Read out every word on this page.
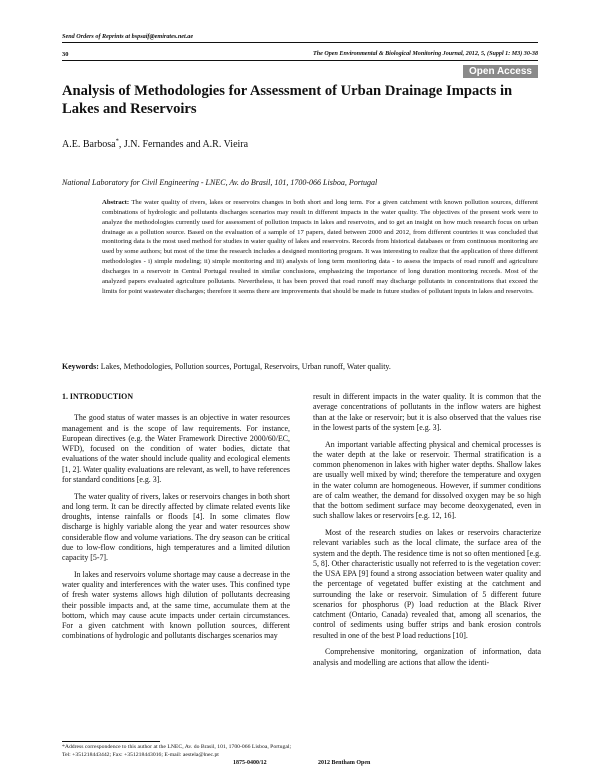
Send Orders of Reprints at bspsaif@emirates.net.ae
30	The Open Environmental & Biological Monitoring Journal, 2012, 5, (Suppl 1: M3) 30-38
Open Access
Analysis of Methodologies for Assessment of Urban Drainage Impacts in Lakes and Reservoirs
A.E. Barbosa*, J.N. Fernandes and A.R. Vieira
National Laboratory for Civil Engineering - LNEC, Av. do Brasil, 101, 1700-066 Lisboa, Portugal
Abstract: The water quality of rivers, lakes or reservoirs changes in both short and long term. For a given catchment with known pollution sources, different combinations of hydrologic and pollutants discharges scenarios may result in different impacts in the water quality. The objectives of the present work were to analyze the methodologies currently used for assessment of pollution impacts in lakes and reservoirs, and to get an insight on how much research focus on urban drainage as a pollution source. Based on the evaluation of a sample of 17 papers, dated between 2000 and 2012, from different countries it was concluded that monitoring data is the most used method for studies in water quality of lakes and reservoirs. Records from historical databases or from continuous monitoring are used by some authors; but most of the time the research includes a designed monitoring program. It was interesting to realize that the application of three different methodologies - i) simple modeling; ii) simple monitoring and iii) analysis of long term monitoring data - to assess the impacts of road runoff and agriculture discharges in a reservoir in Central Portugal resulted in similar conclusions, emphasizing the importance of long duration monitoring records. Most of the analyzed papers evaluated agriculture pollutants. Nevertheless, it has been proved that road runoff may discharge pollutants in concentrations that exceed the limits for point wastewater discharges; therefore it seems there are improvements that should be made in future studies of pollutant inputs in lakes and reservoirs.
Keywords: Lakes, Methodologies, Pollution sources, Portugal, Reservoirs, Urban runoff, Water quality.
1. INTRODUCTION

The good status of water masses is an objective in water resources management and is the scope of law requirements. For instance, European directives (e.g. the Water Framework Directive 2000/60/EC, WFD), focused on the condition of water bodies, dictate that evaluations of the water should include quality and ecological elements [1, 2]. Water quality evaluations are relevant, as well, to have references for standard conditions [e.g. 3].

The water quality of rivers, lakes or reservoirs changes in both short and long term. It can be directly affected by climate related events like droughts, intense rainfalls or floods [4]. In some climates flow discharge is highly variable along the year and water resources show considerable flow and volume variations. The dry season can be critical due to low-flow conditions, high temperatures and a limited dilution capacity [5-7].

In lakes and reservoirs volume shortage may cause a decrease in the water quality and interferences with the water uses. This confined type of fresh water systems allows high dilution of pollutants decreasing their possible impacts and, at the same time, accumulate them at the bottom, which may cause acute impacts under certain circumstances. For a given catchment with known pollution sources, different combinations of hydrologic and pollutants discharges scenarios may

result in different impacts in the water quality. It is common that the average concentrations of pollutants in the inflow waters are highest than at the lake or reservoir; but it is also observed that the values rise in the lowest parts of the system [e.g. 3].

An important variable affecting physical and chemical processes is the water depth at the lake or reservoir. Thermal stratification is a common phenomenon in lakes with higher water depths. Shallow lakes are usually well mixed by wind; therefore the temperature and oxygen in the water column are homogeneous. However, if summer conditions are of calm weather, the demand for dissolved oxygen may be so high that the bottom sediment surface may become deoxygenated, even in such shallow lakes or reservoirs [e.g. 12, 16].

Most of the research studies on lakes or reservoirs characterize relevant variables such as the local climate, the surface area of the system and the depth. The residence time is not so often mentioned [e.g. 5, 8]. Other characteristic usually not referred to is the vegetation cover: the USA EPA [9] found a strong association between water quality and the percentage of vegetated buffer existing at the catchment and surrounding the lake or reservoir. Simulation of 5 different future scenarios for phosphorus (P) load reduction at the Black River catchment (Ontario, Canada) revealed that, among all scenarios, the control of sediments using buffer strips and bank erosion controls resulted in one of the best P load reductions [10].

Comprehensive monitoring, organization of information, data analysis and modelling are actions that allow the identi-

*Address correspondence to this author at the LNEC, Av. do Brasil, 101, 1700-066 Lisboa, Portugal; Tel: +351218443442; Fax: +351218443016; E-mail: aestela@lnec.pt
1875-0400/12	2012 Bentham Open
